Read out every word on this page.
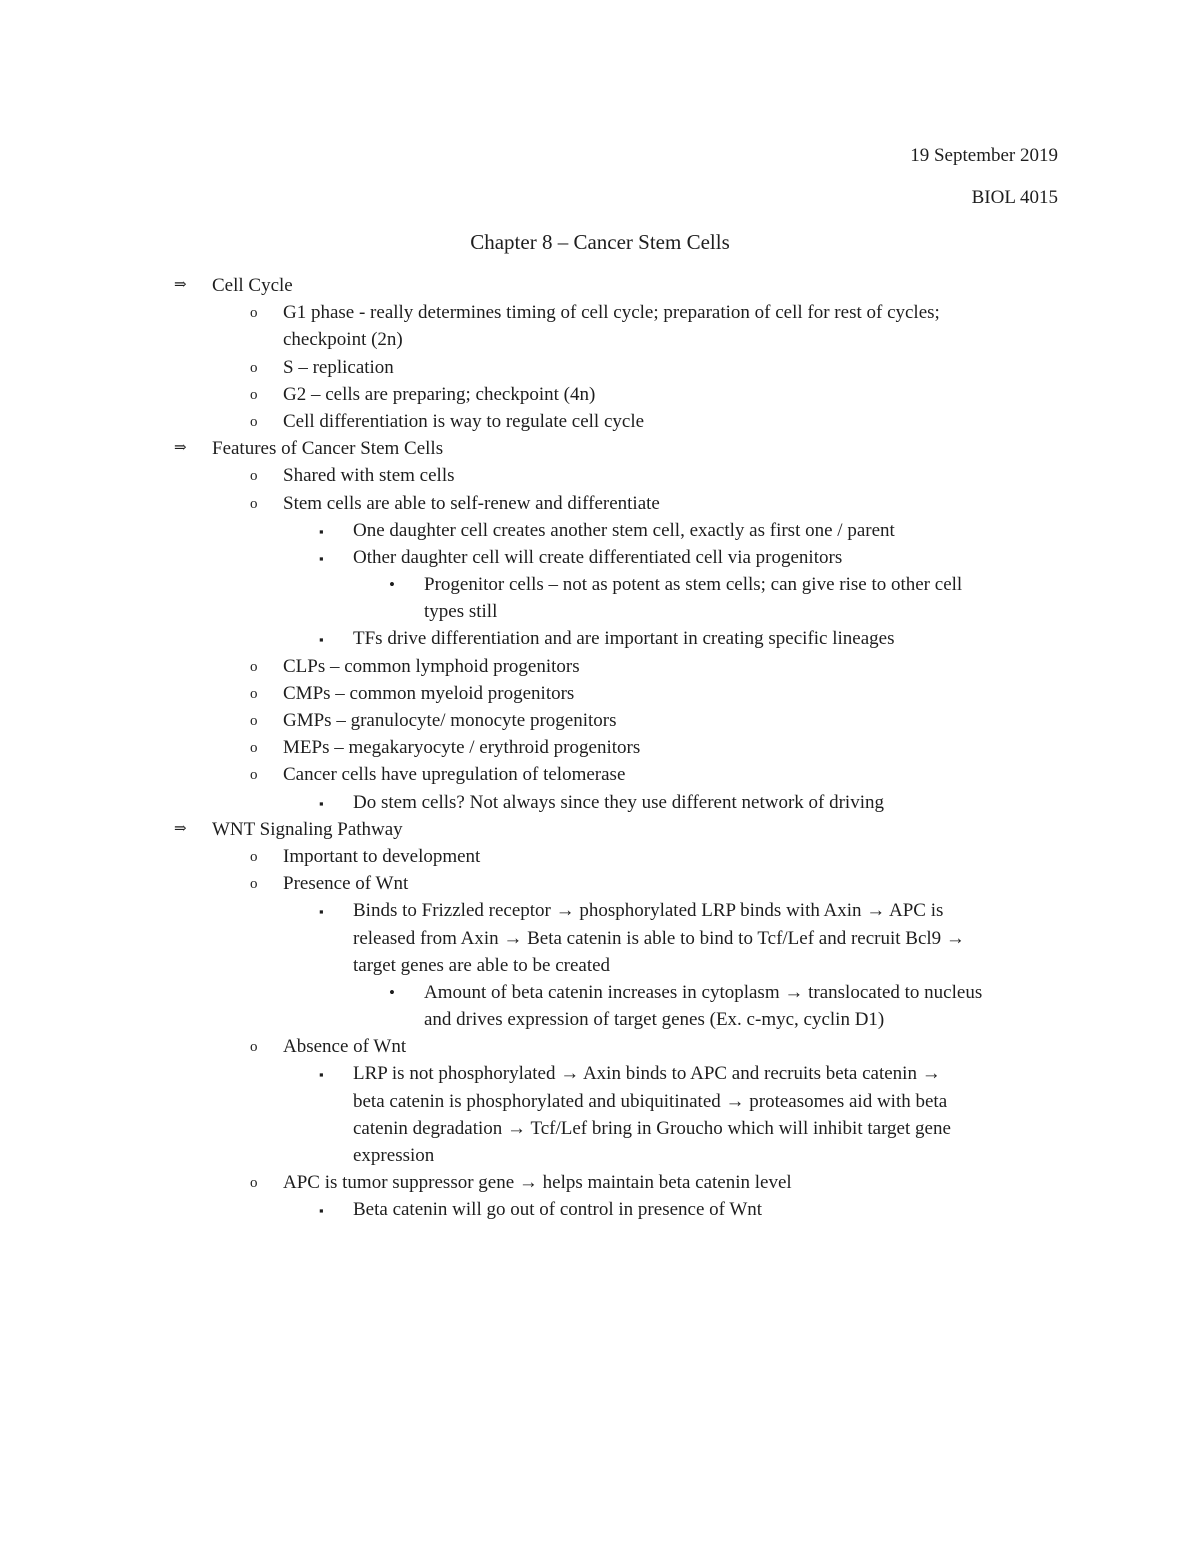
19 September 2019
BIOL 4015
Chapter 8 – Cancer Stem Cells
⇒ Cell Cycle
o G1 phase - really determines timing of cell cycle; preparation of cell for rest of cycles;
checkpoint (2n)
o S – replication
o G2 – cells are preparing; checkpoint (4n)
o Cell differentiation is way to regulate cell cycle
⇒ Features of Cancer Stem Cells
o Shared with stem cells
o Stem cells are able to self-renew and differentiate
▪ One daughter cell creates another stem cell, exactly as first one / parent
▪ Other daughter cell will create differentiated cell via progenitors
• Progenitor cells – not as potent as stem cells; can give rise to other cell
types still
▪ TFs drive differentiation and are important in creating specific lineages
o CLPs – common lymphoid progenitors
o CMPs – common myeloid progenitors
o GMPs – granulocyte/ monocyte progenitors
o MEPs – megakaryocyte / erythroid progenitors
o Cancer cells have upregulation of telomerase
▪ Do stem cells? Not always since they use different network of driving
⇒ WNT Signaling Pathway
o Important to development
o Presence of Wnt
▪ Binds to Frizzled receptor → phosphorylated LRP binds with Axin → APC is
released from Axin → Beta catenin is able to bind to Tcf/Lef and recruit Bcl9 →
target genes are able to be created
• Amount of beta catenin increases in cytoplasm → translocated to nucleus
and drives expression of target genes (Ex. c-myc, cyclin D1)
o Absence of Wnt
▪ LRP is not phosphorylated → Axin binds to APC and recruits beta catenin →
beta catenin is phosphorylated and ubiquitinated → proteasomes aid with beta
catenin degradation → Tcf/Lef bring in Groucho which will inhibit target gene
expression
o APC is tumor suppressor gene → helps maintain beta catenin level
▪ Beta catenin will go out of control in presence of Wnt
